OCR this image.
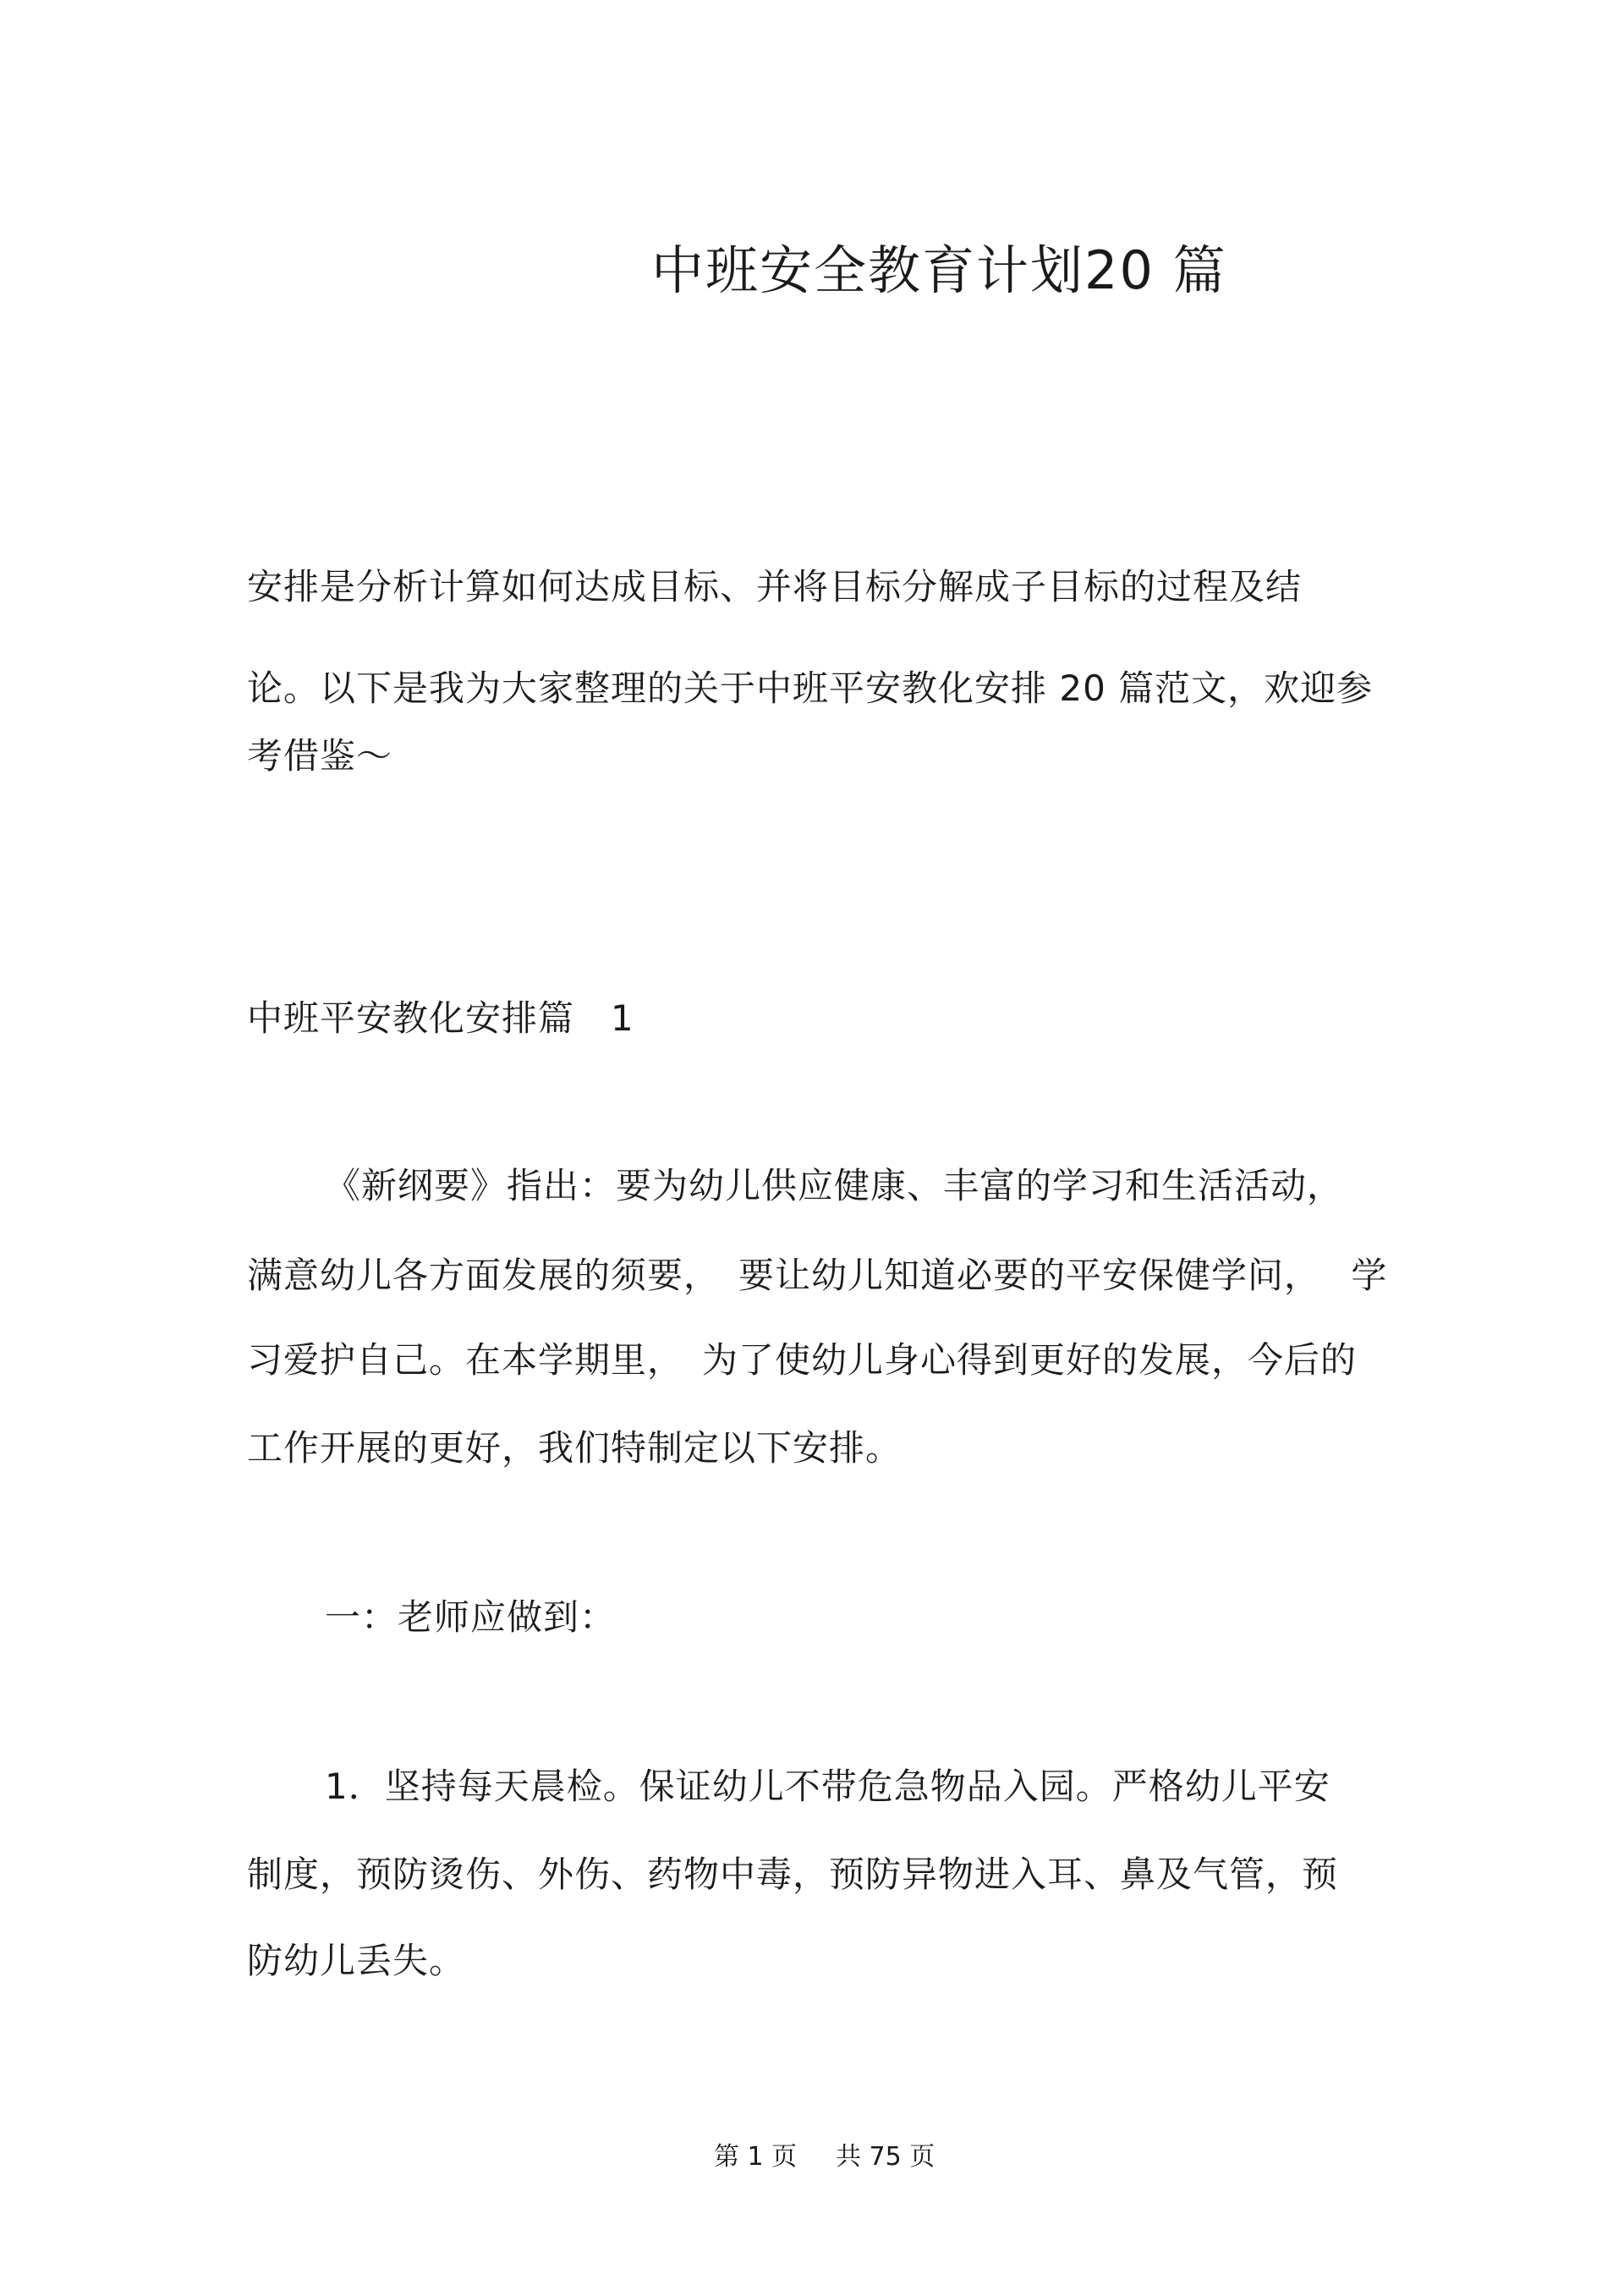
中班安全教育计划20 篇
安排是分析计算如何达成目标、并将目标分解成子目标的过程及结
论。以下是我为大家整理的关于中班平安教化安排 20 篇范文，欢迎参
考借鉴～
中班平安教化安排篇　1
《新纲要》指出：要为幼儿供应健康、丰富的学习和生活活动，
满意幼儿各方面发展的须要，　要让幼儿知道必要的平安保健学问，　 学
习爱护自己。在本学期里，　为了使幼儿身心得到更好的发展，今后的
工作开展的更好，我们特制定以下安排。
一：老师应做到：
1．坚持每天晨检。保证幼儿不带危急物品入园。严格幼儿平安
制度，预防烫伤、外伤、药物中毒，预防异物进入耳、鼻及气管，预
防幼儿丢失。
第 1 页 共 75 页
